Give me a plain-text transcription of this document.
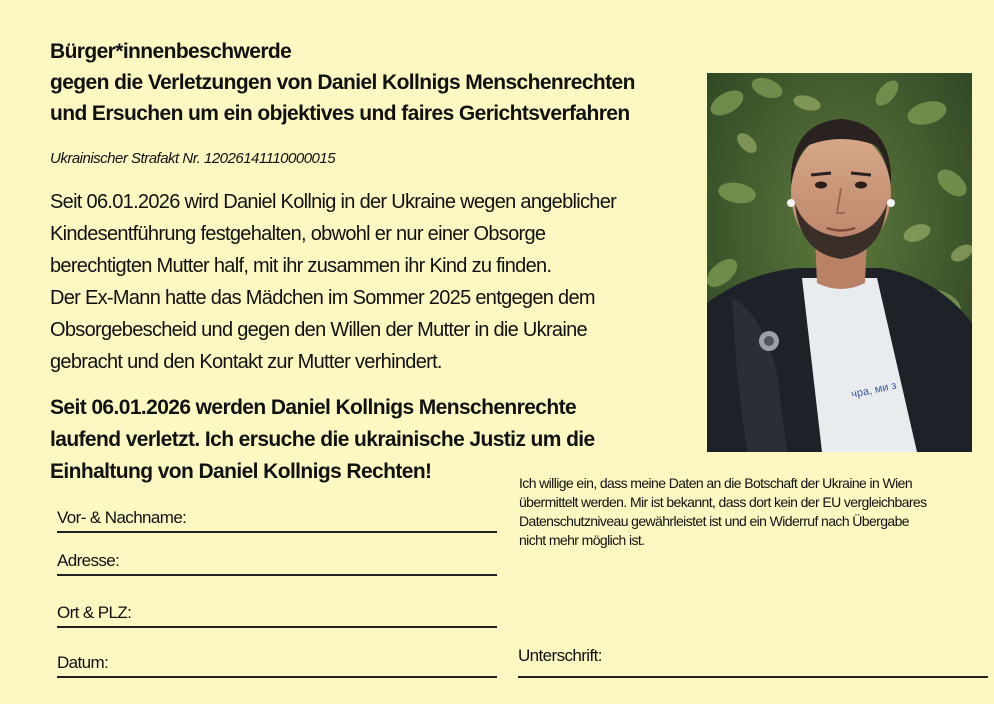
Bürger*innenbeschwerde
gegen die Verletzungen von Daniel Kollnigs Menschenrechten
und Ersuchen um ein objektives und faires Gerichtsverfahren
Ukrainischer Strafakt Nr. 12026141110000015
Seit 06.01.2026 wird Daniel Kollnig in der Ukraine wegen angeblicher
Kindesentführung festgehalten, obwohl er nur einer Obsorge
berechtigten Mutter half, mit ihr zusammen ihr Kind zu finden.
Der Ex-Mann hatte das Mädchen im Sommer 2025 entgegen dem
Obsorgebescheid und gegen den Willen der Mutter in die Ukraine
gebracht und den Kontakt zur Mutter verhindert.
Seit 06.01.2026 werden Daniel Kollnigs Menschenrechte
laufend verletzt. Ich ersuche die ukrainische Justiz um die
Einhaltung von Daniel Kollnigs Rechten!
чра, ми з
Ich willige ein, dass meine Daten an die Botschaft der Ukraine in Wien
übermittelt werden. Mir ist bekannt, dass dort kein der EU vergleichbares
Datenschutzniveau gewährleistet ist und ein Widerruf nach Übergabe
nicht mehr möglich ist.
Vor- & Nachname:
Adresse:
Ort & PLZ:
Datum:	Unterschrift:
